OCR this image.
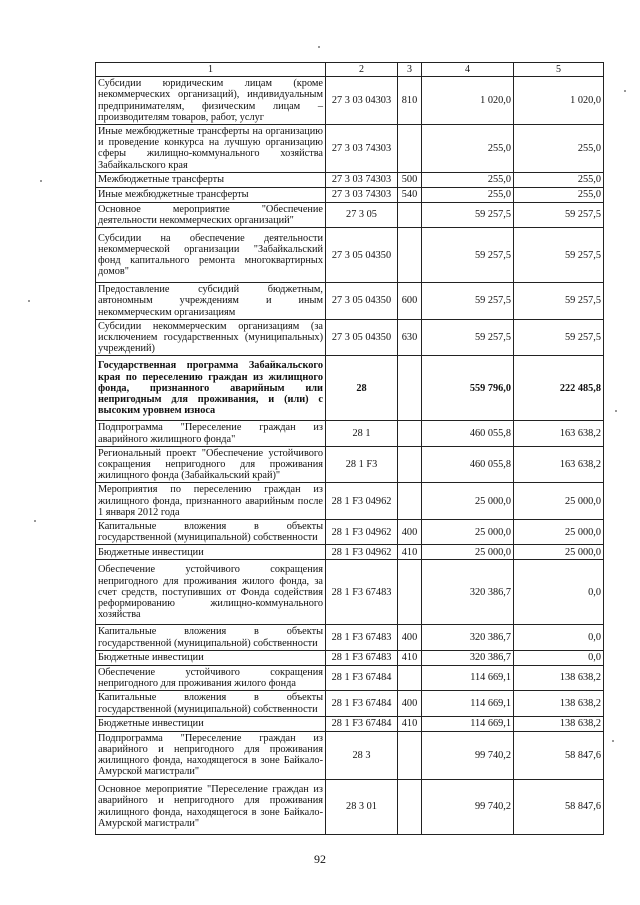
1	2	3	4	5
Субсидии юридическим лицам (кроме некоммерческих организаций), индивидуальным предпринимателям, физическим лицам – производителям товаров, работ, услуг	27 3 03 04303	810	1 020,0	1 020,0
Иные межбюджетные трансферты на организацию и проведение конкурса на лучшую организацию сферы жилищно-коммунального хозяйства Забайкальского края	27 3 03 74303		255,0	255,0
Межбюджетные трансферты	27 3 03 74303	500	255,0	255,0
Иные межбюджетные трансферты	27 3 03 74303	540	255,0	255,0
Основное мероприятие "Обеспечение деятельности некоммерческих организаций"	27 3 05		59 257,5	59 257,5
Субсидии на обеспечение деятельности некоммерческой организации "Забайкальский фонд капитального ремонта многоквартирных домов"	27 3 05 04350		59 257,5	59 257,5
Предоставление субсидий бюджетным, автономным учреждениям и иным некоммерческим организациям	27 3 05 04350	600	59 257,5	59 257,5
Субсидии некоммерческим организациям (за исключением государственных (муниципальных) учреждений)	27 3 05 04350	630	59 257,5	59 257,5
Государственная программа Забайкальского края по переселению граждан из жилищного фонда, признанного аварийным или непригодным для проживания, и (или) с высоким уровнем износа	28		559 796,0	222 485,8
Подпрограмма "Переселение граждан из аварийного жилищного фонда"	28 1		460 055,8	163 638,2
Региональный проект "Обеспечение устойчивого сокращения непригодного для проживания жилищного фонда (Забайкальский край)"	28 1 F3		460 055,8	163 638,2
Мероприятия по переселению граждан из жилищного фонда, признанного аварийным после 1 января 2012 года	28 1 F3 04962		25 000,0	25 000,0
Капитальные вложения в объекты государственной (муниципальной) собственности	28 1 F3 04962	400	25 000,0	25 000,0
Бюджетные инвестиции	28 1 F3 04962	410	25 000,0	25 000,0
Обеспечение устойчивого сокращения непригодного для проживания жилого фонда, за счет средств, поступивших от Фонда содействия реформированию жилищно-коммунального хозяйства	28 1 F3 67483		320 386,7	0,0
Капитальные вложения в объекты государственной (муниципальной) собственности	28 1 F3 67483	400	320 386,7	0,0
Бюджетные инвестиции	28 1 F3 67483	410	320 386,7	0,0
Обеспечение устойчивого сокращения непригодного для проживания жилого фонда	28 1 F3 67484		114 669,1	138 638,2
Капитальные вложения в объекты государственной (муниципальной) собственности	28 1 F3 67484	400	114 669,1	138 638,2
Бюджетные инвестиции	28 1 F3 67484	410	114 669,1	138 638,2
Подпрограмма "Переселение граждан из аварийного и непригодного для проживания жилищного фонда, находящегося в зоне Байкало-Амурской магистрали"	28 3		99 740,2	58 847,6
Основное мероприятие "Переселение граждан из аварийного и непригодного для проживания жилищного фонда, находящегося в зоне Байкало-Амурской магистрали"	28 3 01		99 740,2	58 847,6
92
